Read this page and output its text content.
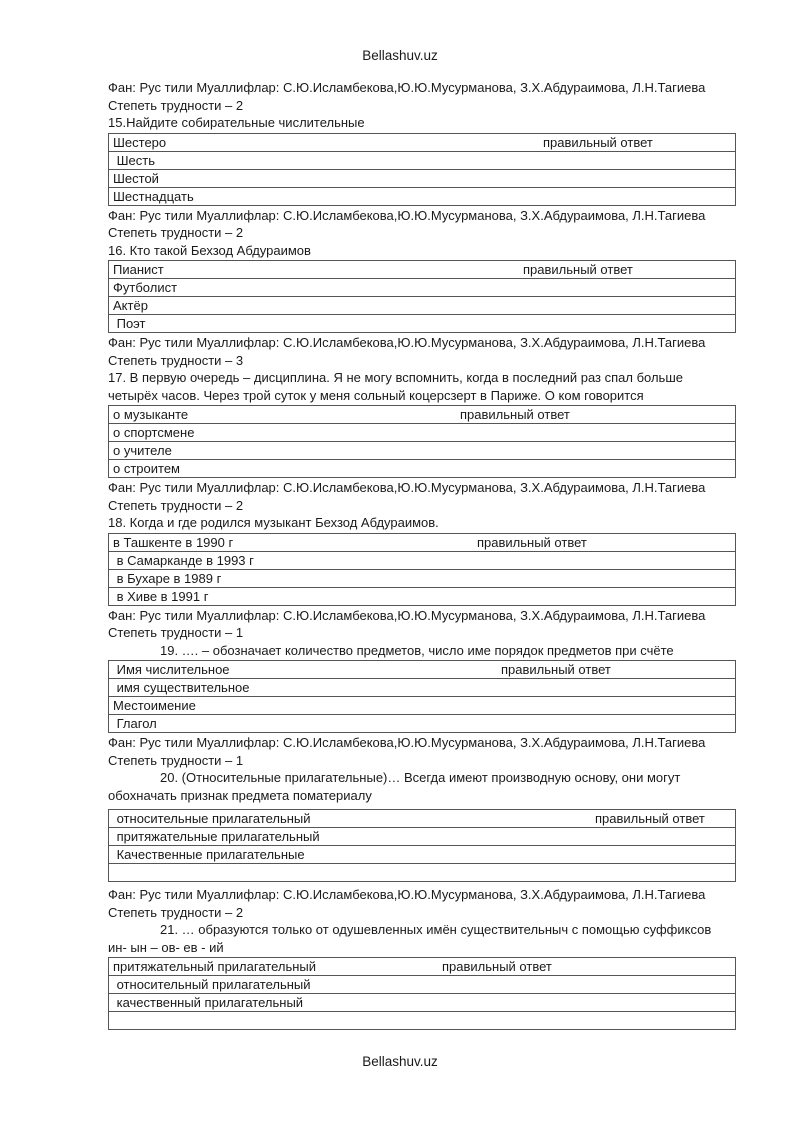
Bellashuv.uz
Фан: Рус тили Муаллифлар: С.Ю.Исламбекова,Ю.Ю.Мусурманова, З.Х.Абдураимова, Л.Н.Тагиева
Степеть трудности – 2
15.Найдите собирательные числительные
Шестеро	правильный ответ

Шесть
Шестой
Шестнадцать
Фан: Рус тили Муаллифлар: С.Ю.Исламбекова,Ю.Ю.Мусурманова, З.Х.Абдураимова, Л.Н.Тагиева
Степеть трудности – 2
16. Кто такой Бехзод Абдураимов
Пианист	правильный ответ

Футболист
Актёр
Поэт
Фан: Рус тили Муаллифлар: С.Ю.Исламбекова,Ю.Ю.Мусурманова, З.Х.Абдураимова, Л.Н.Тагиева
Степеть трудности – 3
17. В первую очередь – дисциплина. Я не могу вспомнить, когда в последний раз спал больше
четырёх часов. Через трой суток у меня сольный коцерсзерт в Париже. О ком говорится
о музыканте	правильный ответ

о спортсмене
о учителе
о строитем
Фан: Рус тили Муаллифлар: С.Ю.Исламбекова,Ю.Ю.Мусурманова, З.Х.Абдураимова, Л.Н.Тагиева
Степеть трудности – 2
18. Когда и где родился музыкант Бехзод Абдураимов.
в Ташкенте в 1990 г	правильный ответ

в Самарканде в 1993 г
в Бухаре в 1989 г
в Хиве в 1991 г
Фан: Рус тили Муаллифлар: С.Ю.Исламбекова,Ю.Ю.Мусурманова, З.Х.Абдураимова, Л.Н.Тагиева
Степеть трудности – 1
19. …. – обозначает количество предметов, число име порядок предметов при счёте
Имя числительное	правильный ответ

имя существительное
Местоимение
Глагол
Фан: Рус тили Муаллифлар: С.Ю.Исламбекова,Ю.Ю.Мусурманова, З.Х.Абдураимова, Л.Н.Тагиева
Степеть трудности – 1
20. (Относительные прилагательные)… Всегда имеют производную основу, они могут
обохначать признак предмета поматериалу
относительные прилагательный	правильный ответ

притяжательные прилагательный
Качественные прилагательные

Фан: Рус тили Муаллифлар: С.Ю.Исламбекова,Ю.Ю.Мусурманова, З.Х.Абдураимова, Л.Н.Тагиева
Степеть трудности – 2
21. … образуются только от одушевленных имён существительныч с помощью суффиксов
ин- ын – ов- ев - ий
притяжательный прилагательный	правильный ответ

относительный прилагательный
качественный прилагательный

Bellashuv.uz
